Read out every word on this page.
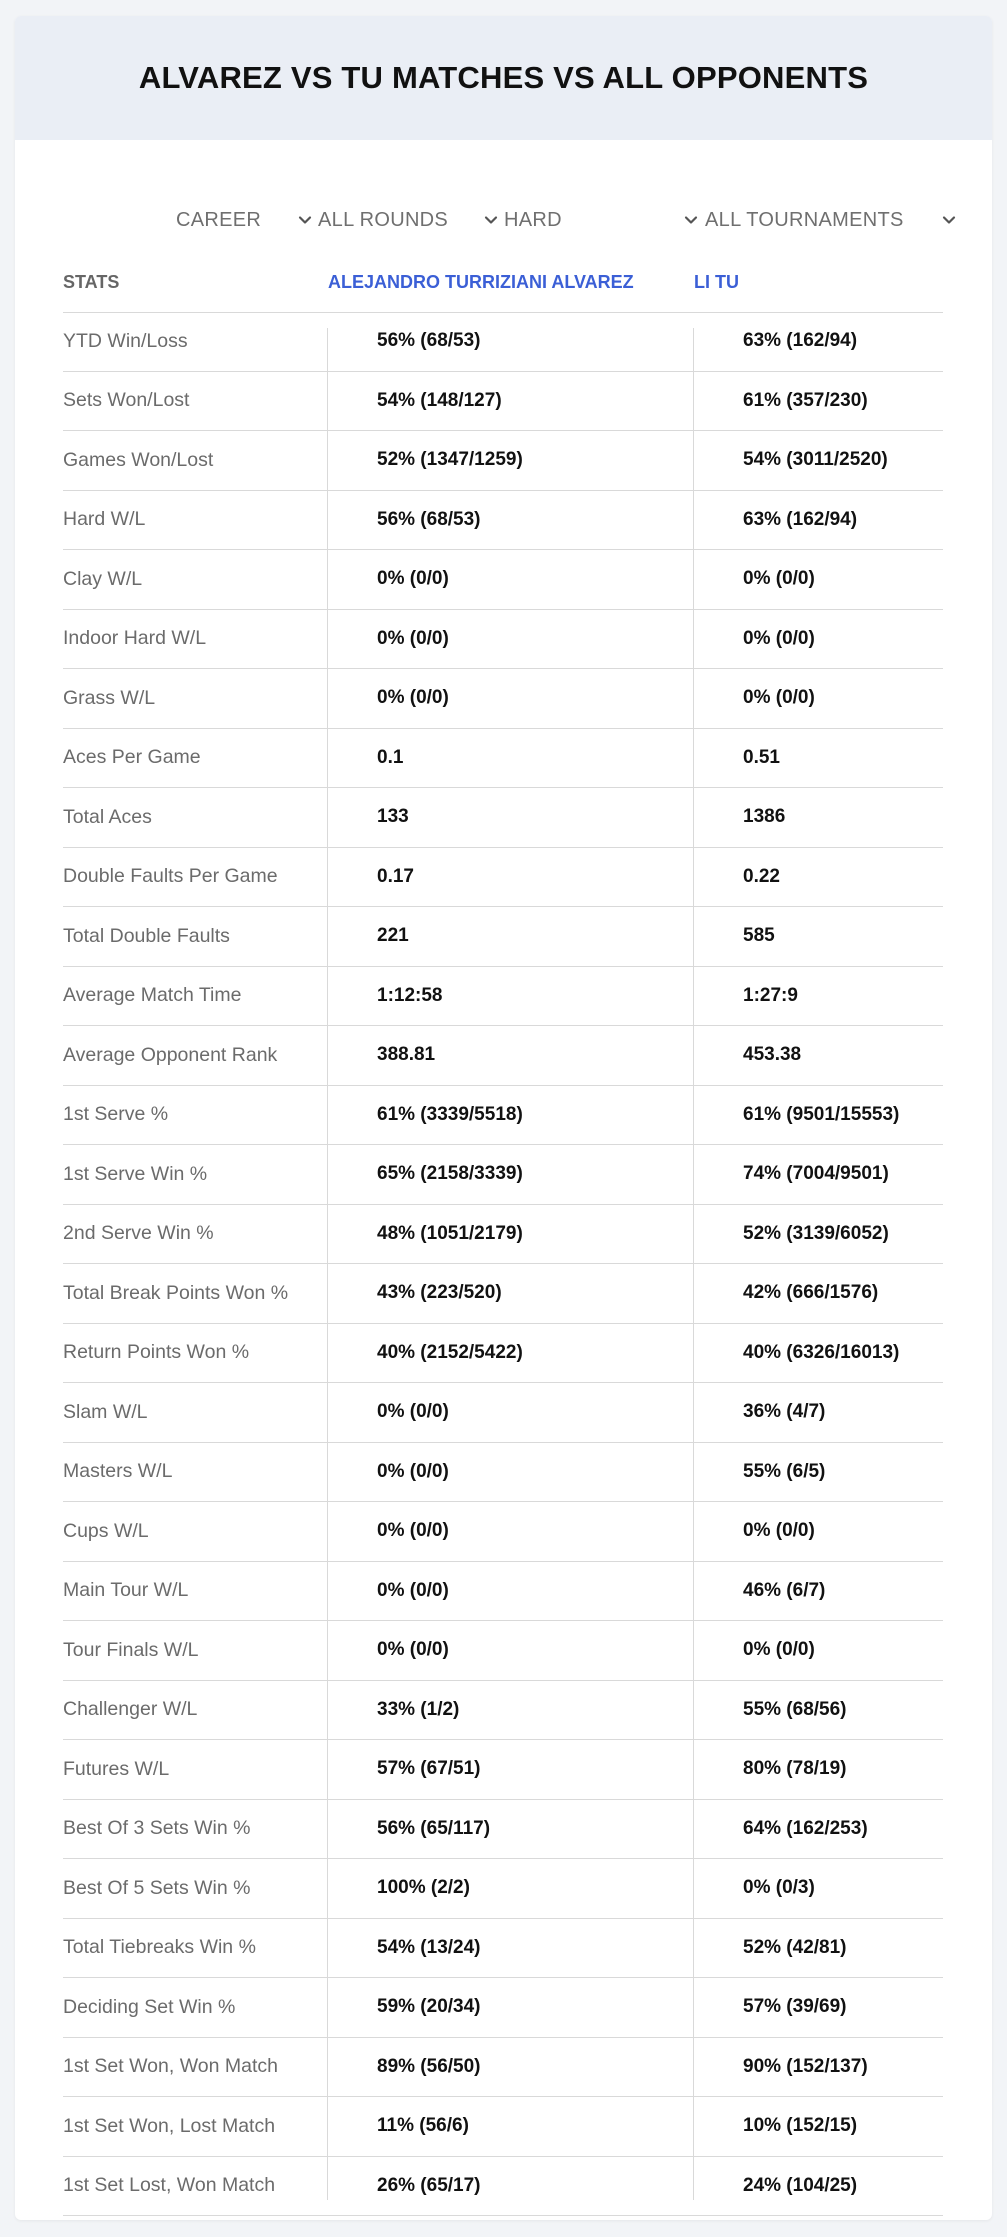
ALVAREZ VS TU MATCHES VS ALL OPPONENTS
CAREER	ALL ROUNDS	HARD	ALL TOURNAMENTS
STATS	ALEJANDRO TURRIZIANI ALVAREZ	LI TU
YTD Win/Loss	56% (68/53)	63% (162/94)
Sets Won/Lost	54% (148/127)	61% (357/230)
Games Won/Lost	52% (1347/1259)	54% (3011/2520)
Hard W/L	56% (68/53)	63% (162/94)
Clay W/L	0% (0/0)	0% (0/0)
Indoor Hard W/L	0% (0/0)	0% (0/0)
Grass W/L	0% (0/0)	0% (0/0)
Aces Per Game	0.1	0.51
Total Aces	133	1386
Double Faults Per Game	0.17	0.22
Total Double Faults	221	585
Average Match Time	1:12:58	1:27:9
Average Opponent Rank	388.81	453.38
1st Serve %	61% (3339/5518)	61% (9501/15553)
1st Serve Win %	65% (2158/3339)	74% (7004/9501)
2nd Serve Win %	48% (1051/2179)	52% (3139/6052)
Total Break Points Won %	43% (223/520)	42% (666/1576)
Return Points Won %	40% (2152/5422)	40% (6326/16013)
Slam W/L	0% (0/0)	36% (4/7)
Masters W/L	0% (0/0)	55% (6/5)
Cups W/L	0% (0/0)	0% (0/0)
Main Tour W/L	0% (0/0)	46% (6/7)
Tour Finals W/L	0% (0/0)	0% (0/0)
Challenger W/L	33% (1/2)	55% (68/56)
Futures W/L	57% (67/51)	80% (78/19)
Best Of 3 Sets Win %	56% (65/117)	64% (162/253)
Best Of 5 Sets Win %	100% (2/2)	0% (0/3)
Total Tiebreaks Win %	54% (13/24)	52% (42/81)
Deciding Set Win %	59% (20/34)	57% (39/69)
1st Set Won, Won Match	89% (56/50)	90% (152/137)
1st Set Won, Lost Match	11% (56/6)	10% (152/15)
1st Set Lost, Won Match	26% (65/17)	24% (104/25)
